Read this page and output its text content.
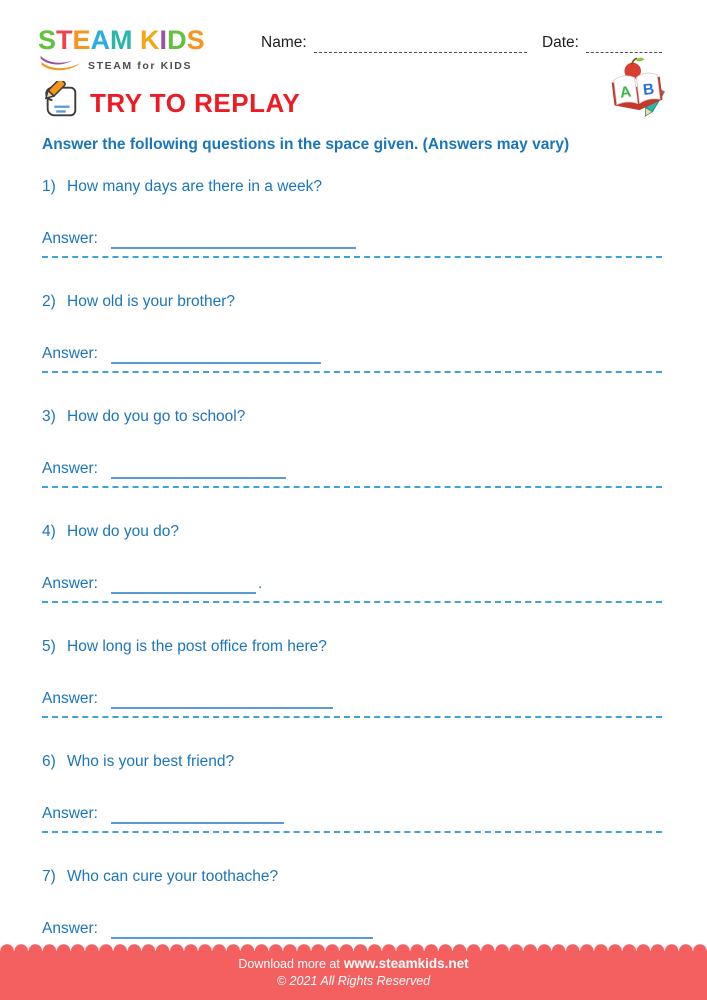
STEAM KIDS
STEAM for KIDS
Name:	Date:
A B
TRY TO REPLAY

Answer the following questions in the space given. (Answers may vary)

1) How many days are there in a week?

Answer:

2) How old is your brother?

Answer:

3) How do you go to school?

Answer:

4) How do you do?

Answer:	.

5) How long is the post office from here?

Answer:

6) Who is your best friend?

Answer:

7) Who can cure your toothache?

Answer:
Download more at www.steamkids.net
© 2021 All Rights Reserved
